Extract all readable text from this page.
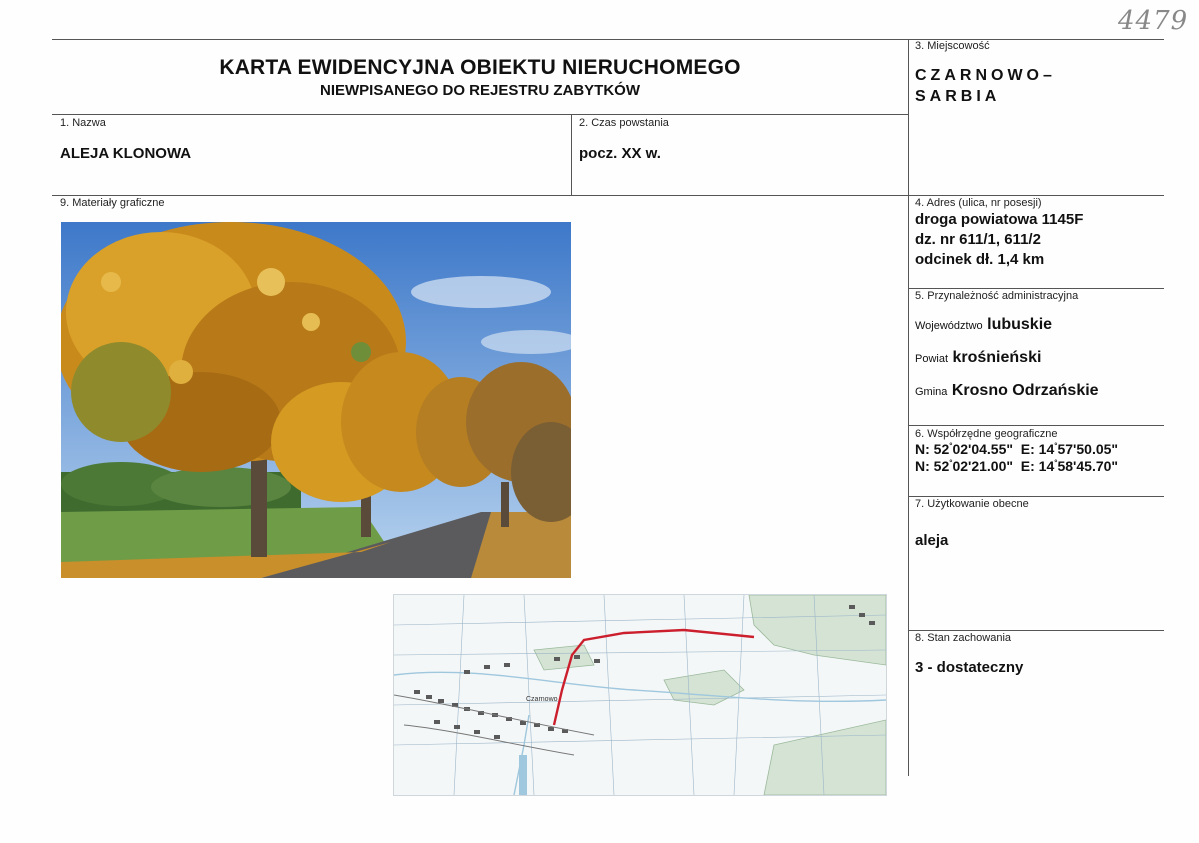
4479
KARTA EWIDENCYJNA OBIEKTU NIERUCHOMEGO
NIEWPISANEGO DO REJESTRU ZABYTKÓW
3. Miejscowość
CZARNOWO–
SARBIA
1. Nazwa
ALEJA KLONOWA
2. Czas powstania
pocz. XX w.
9. Materiały graficzne	4. Adres (ulica, nr posesji)
droga powiatowa 1145F
dz. nr 611/1, 611/2
odcinek dł. 1,4 km
5. Przynależność administracyjna
Województwo lubuskie
Powiat krośnieński
Gmina Krosno Odrzańskie
6. Współrzędne geograficzne
N: 52°02'04.55" E: 14°57'50.05"
N: 52°02'21.00" E: 14°58'45.70"
7. Użytkowanie obecne
aleja
8. Stan zachowania
3 - dostateczny
Czarnowo
